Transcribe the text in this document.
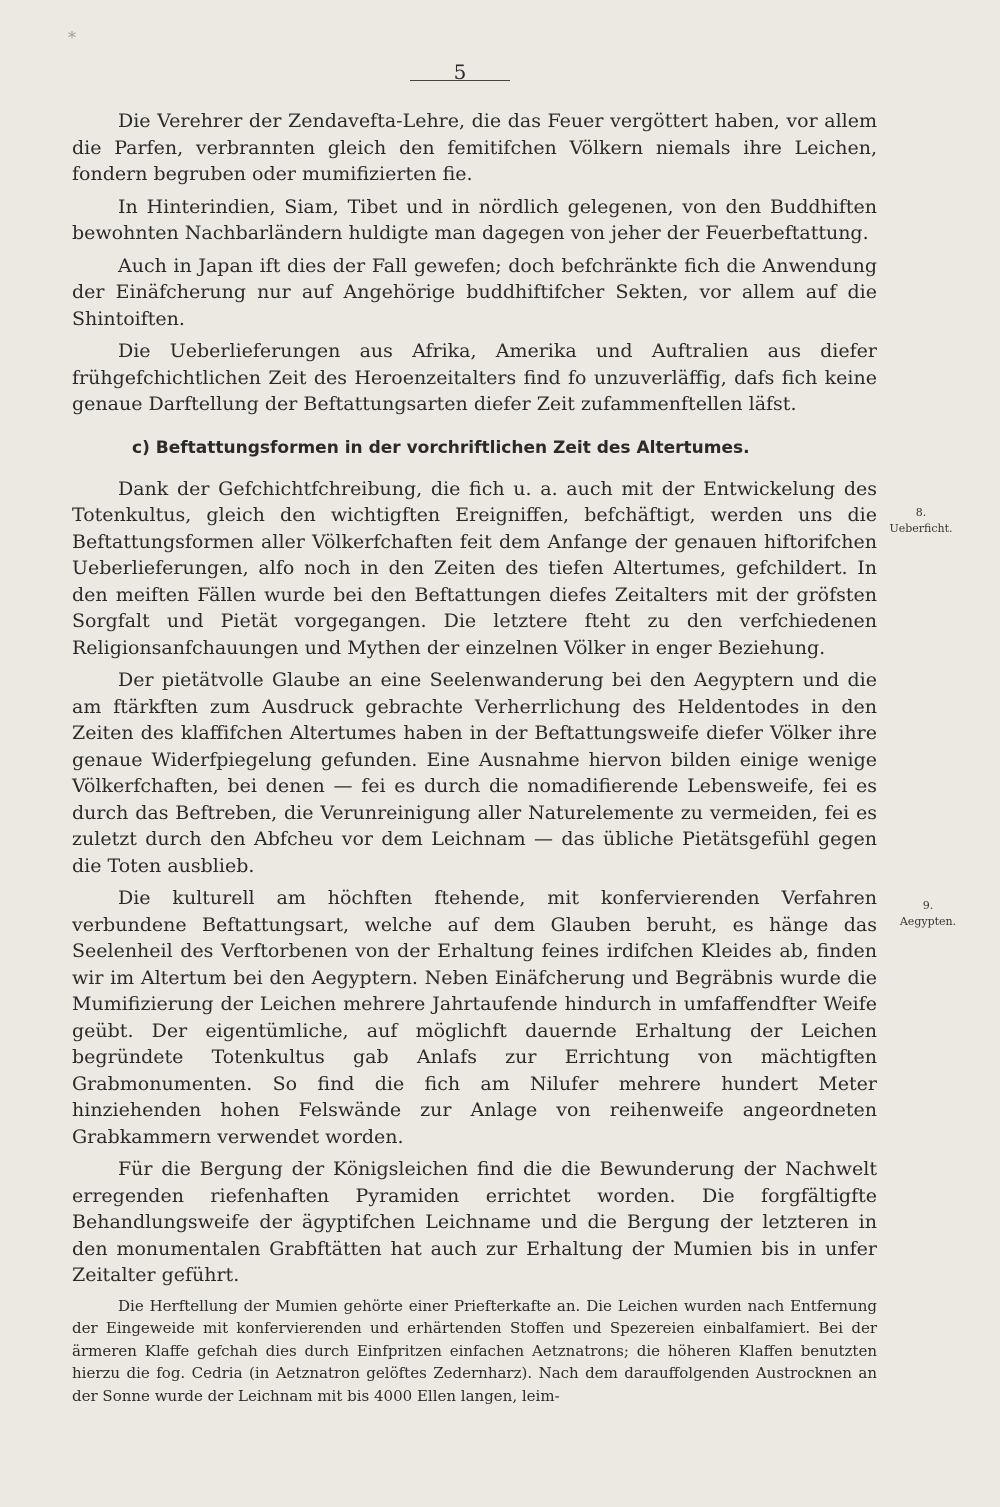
*
5

Die Verehrer der Zendavefta-Lehre, die das Feuer vergöttert haben, vor allem die Parfen, verbrannten gleich den femitifchen Völkern niemals ihre Leichen, fondern begruben oder mumifizierten fie.

In Hinterindien, Siam, Tibet und in nördlich gelegenen, von den Buddhiften bewohnten Nachbarländern huldigte man dagegen von jeher der Feuerbeftattung.

Auch in Japan ift dies der Fall gewefen; doch befchränkte fich die Anwendung der Einäfcherung nur auf Angehörige buddhiftifcher Sekten, vor allem auf die Shintoiften.

Die Ueberlieferungen aus Afrika, Amerika und Auftralien aus diefer frühgefchichtlichen Zeit des Heroenzeitalters find fo unzuverläffig, dafs fich keine genaue Darftellung der Beftattungsarten diefer Zeit zufammenftellen läfst.

c) Beftattungsformen in der vorchriftlichen Zeit des Altertumes.

Dank der Gefchichtfchreibung, die fich u. a. auch mit der Entwickelung des Totenkultus, gleich den wichtigften Ereigniffen, befchäftigt, werden uns die Beftattungsformen aller Völkerfchaften feit dem Anfange der genauen hiftorifchen Ueberlieferungen, alfo noch in den Zeiten des tiefen Altertumes, gefchildert. In den meiften Fällen wurde bei den Beftattungen diefes Zeitalters mit der gröfsten Sorgfalt und Pietät vorgegangen. Die letztere fteht zu den verfchiedenen Religionsanfchauungen und Mythen der einzelnen Völker in enger Beziehung.

Der pietätvolle Glaube an eine Seelenwanderung bei den Aegyptern und die am ftärkften zum Ausdruck gebrachte Verherrlichung des Heldentodes in den Zeiten des klaffifchen Altertumes haben in der Beftattungsweife diefer Völker ihre genaue Widerfpiegelung gefunden. Eine Ausnahme hiervon bilden einige wenige Völkerfchaften, bei denen — fei es durch die nomadifierende Lebensweife, fei es durch das Beftreben, die Verunreinigung aller Naturelemente zu vermeiden, fei es zuletzt durch den Abfcheu vor dem Leichnam — das übliche Pietätsgefühl gegen die Toten ausblieb.

Die kulturell am höchften ftehende, mit konfervierenden Verfahren verbundene Beftattungsart, welche auf dem Glauben beruht, es hänge das Seelenheil des Verftorbenen von der Erhaltung feines irdifchen Kleides ab, finden wir im Altertum bei den Aegyptern. Neben Einäfcherung und Begräbnis wurde die Mumifizierung der Leichen mehrere Jahrtaufende hindurch in umfaffendfter Weife geübt. Der eigentümliche, auf möglichft dauernde Erhaltung der Leichen begründete Totenkultus gab Anlafs zur Errichtung von mächtigften Grabmonumenten. So find die fich am Nilufer mehrere hundert Meter hinziehenden hohen Felswände zur Anlage von reihenweife angeordneten Grabkammern verwendet worden.

Für die Bergung der Königsleichen find die die Bewunderung der Nachwelt erregenden riefenhaften Pyramiden errichtet worden. Die forgfältigfte Behandlungsweife der ägyptifchen Leichname und die Bergung der letzteren in den monumentalen Grabftätten hat auch zur Erhaltung der Mumien bis in unfer Zeitalter geführt.

Die Herftellung der Mumien gehörte einer Priefterkafte an. Die Leichen wurden nach Entfernung der Eingeweide mit konfervierenden und erhärtenden Stoffen und Spezereien einbalfamiert. Bei der ärmeren Klaffe gefchah dies durch Einfpritzen einfachen Aetznatrons; die höheren Klaffen benutzten hierzu die fog. Cedria (in Aetznatron gelöftes Zedernharz). Nach dem darauffolgenden Austrocknen an der Sonne wurde der Leichnam mit bis 4000 Ellen langen, leim-

8.
Ueberficht.
9.
Aegypten.
